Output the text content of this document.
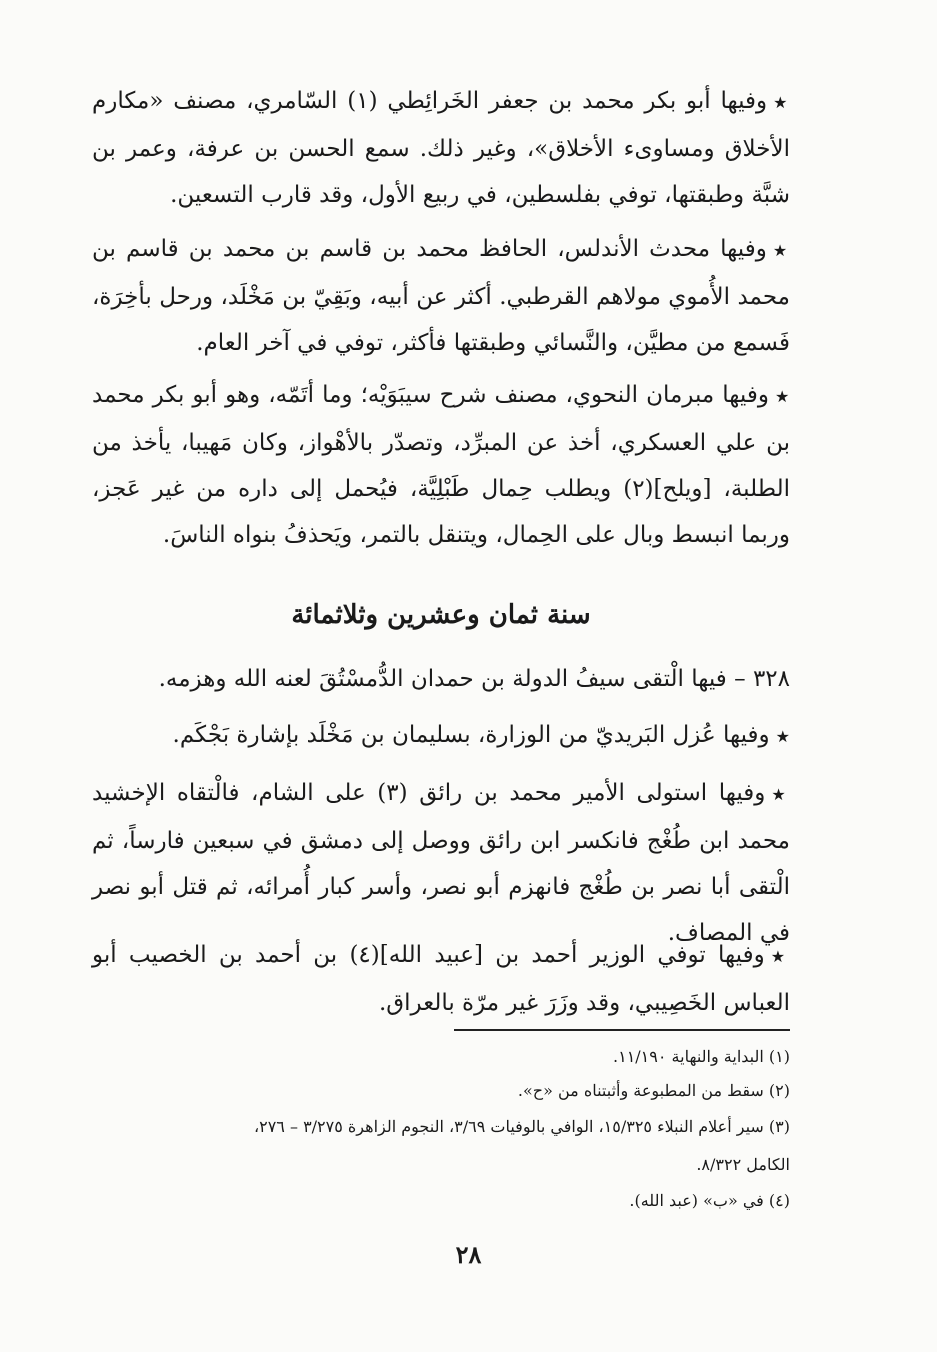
★وفيها أبو بكر محمد بن جعفر الخَرائِطي (١) السّامري، مصنف «مكارم الأخلاق ومساوىء الأخلاق»، وغير ذلك. سمع الحسن بن عرفة، وعمر بن شبَّة وطبقتها، توفي بفلسطين، في ربيع الأول، وقد قارب التسعين.

★وفيها محدث الأندلس، الحافظ محمد بن قاسم بن محمد بن قاسم بن محمد الأُموي مولاهم القرطبي. أكثر عن أبيه، وبَقِيّ بن مَخْلَد، ورحل بأخِرَة، فَسمع من مطيَّن، والنَّسائي وطبقتها فأكثر، توفي في آخر العام.

★وفيها مبرمان النحوي، مصنف شرح سيبَوَيْه؛ وما أتَمّه، وهو أبو بكر محمد بن علي العسكري، أخذ عن المبرِّد، وتصدّر بالأهْواز، وكان مَهيبا، يأخذ من الطلبة، [ويلح](٢) ويطلب حِمال طَبْلِيَّة، فيُحمل إلى داره من غير عَجز، وربما انبسط وبال على الحِمال، ويتنقل بالتمر، ويَحذفُ بنواه الناسَ.

سنة ثمان وعشرين وثلاثمائة

٣٢٨ – فيها الْتقى سيفُ الدولة بن حمدان الدُّمسْتُقَ لعنه الله وهزمه.

★وفيها عُزل البَريديّ من الوزارة، بسليمان بن مَخْلَد بإشارة بَجْكَم.

★وفيها استولى الأمير محمد بن رائق (٣) على الشام، فالْتقاه الإخشيد محمد ابن طُغْج فانكسر ابن رائق ووصل إلى دمشق في سبعين فارساً، ثم الْتقى أبا نصر بن طُغْج فانهزم أبو نصر، وأسر كبار أُمرائه، ثم قتل أبو نصر في المصاف.

★وفيها توفي الوزير أحمد بن [عبيد الله](٤) بن أحمد بن الخصيب أبو العباس الخَصِيبي، وقد وزَرَ غير مرّة بالعراق.

(١) البداية والنهاية ١١/١٩٠.
(٢) سقط من المطبوعة وأثبتناه من «ح».
(٣) سير أعلام النبلاء ١٥/٣٢٥، الوافي بالوفيات ٣/٦٩، النجوم الزاهرة ٣/٢٧٥ – ٢٧٦،
الكامل ٨/٣٢٢.
(٤) في «ب» (عبد الله).
٢٨
